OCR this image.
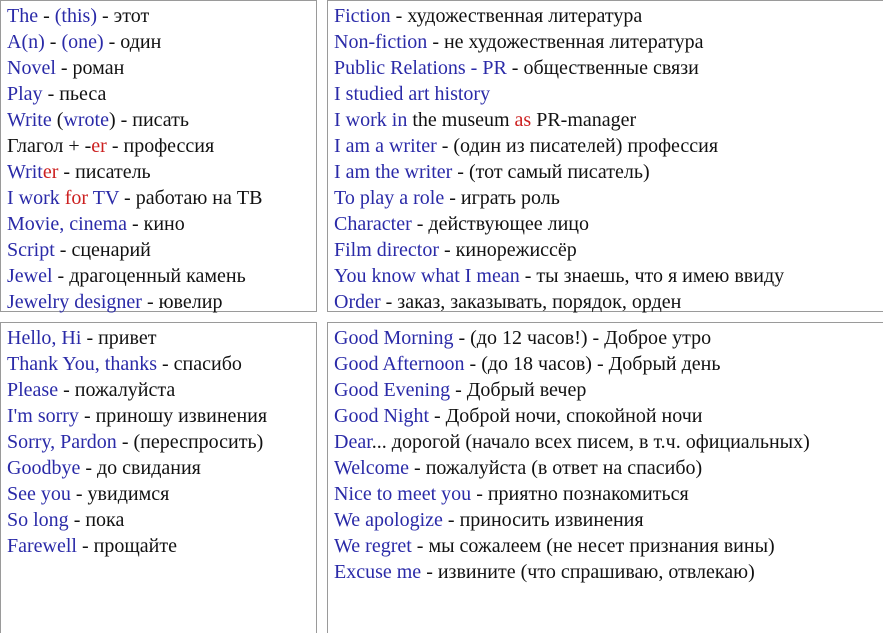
The - (this) - этот
A(n) - (one) - один
Novel - роман
Play - пьеса
Write (wrote) - писать
Глагол + -er - профессия
Writer - писатель
I work for TV - работаю на ТВ
Movie, cinema - кино
Script - сценарий
Jewel - драгоценный камень
Jewelry designer - ювелир
Fiction - художественная литература
Non-fiction - не художественная литература
Public Relations - PR - общественные связи
I studied art history
I work in the museum as PR-manager
I am a writer - (один из писателей) профессия
I am the writer - (тот самый писатель)
To play a role - играть роль
Character - действующее лицо
Film director - кинорежиссёр
You know what I mean - ты знаешь, что я имею ввиду
Order - заказ, заказывать, порядок, орден
Hello, Hi - привет
Thank You, thanks - спасибо
Please - пожалуйста
I'm sorry - приношу извинения
Sorry, Pardon - (переспросить)
Goodbye - до свидания
See you - увидимся
So long - пока
Farewell - прощайте
Good Morning - (до 12 часов!) - Доброе утро
Good Afternoon - (до 18 часов) - Добрый день
Good Evening - Добрый вечер
Good Night - Доброй ночи, спокойной ночи
Dear... дорогой (начало всех писем, в т.ч. официальных)
Welcome - пожалуйста (в ответ на спасибо)
Nice to meet you - приятно познакомиться
We apologize - приносить извинения
We regret - мы сожалеем (не несет признания вины)
Excuse me - извините (что спрашиваю, отвлекаю)
